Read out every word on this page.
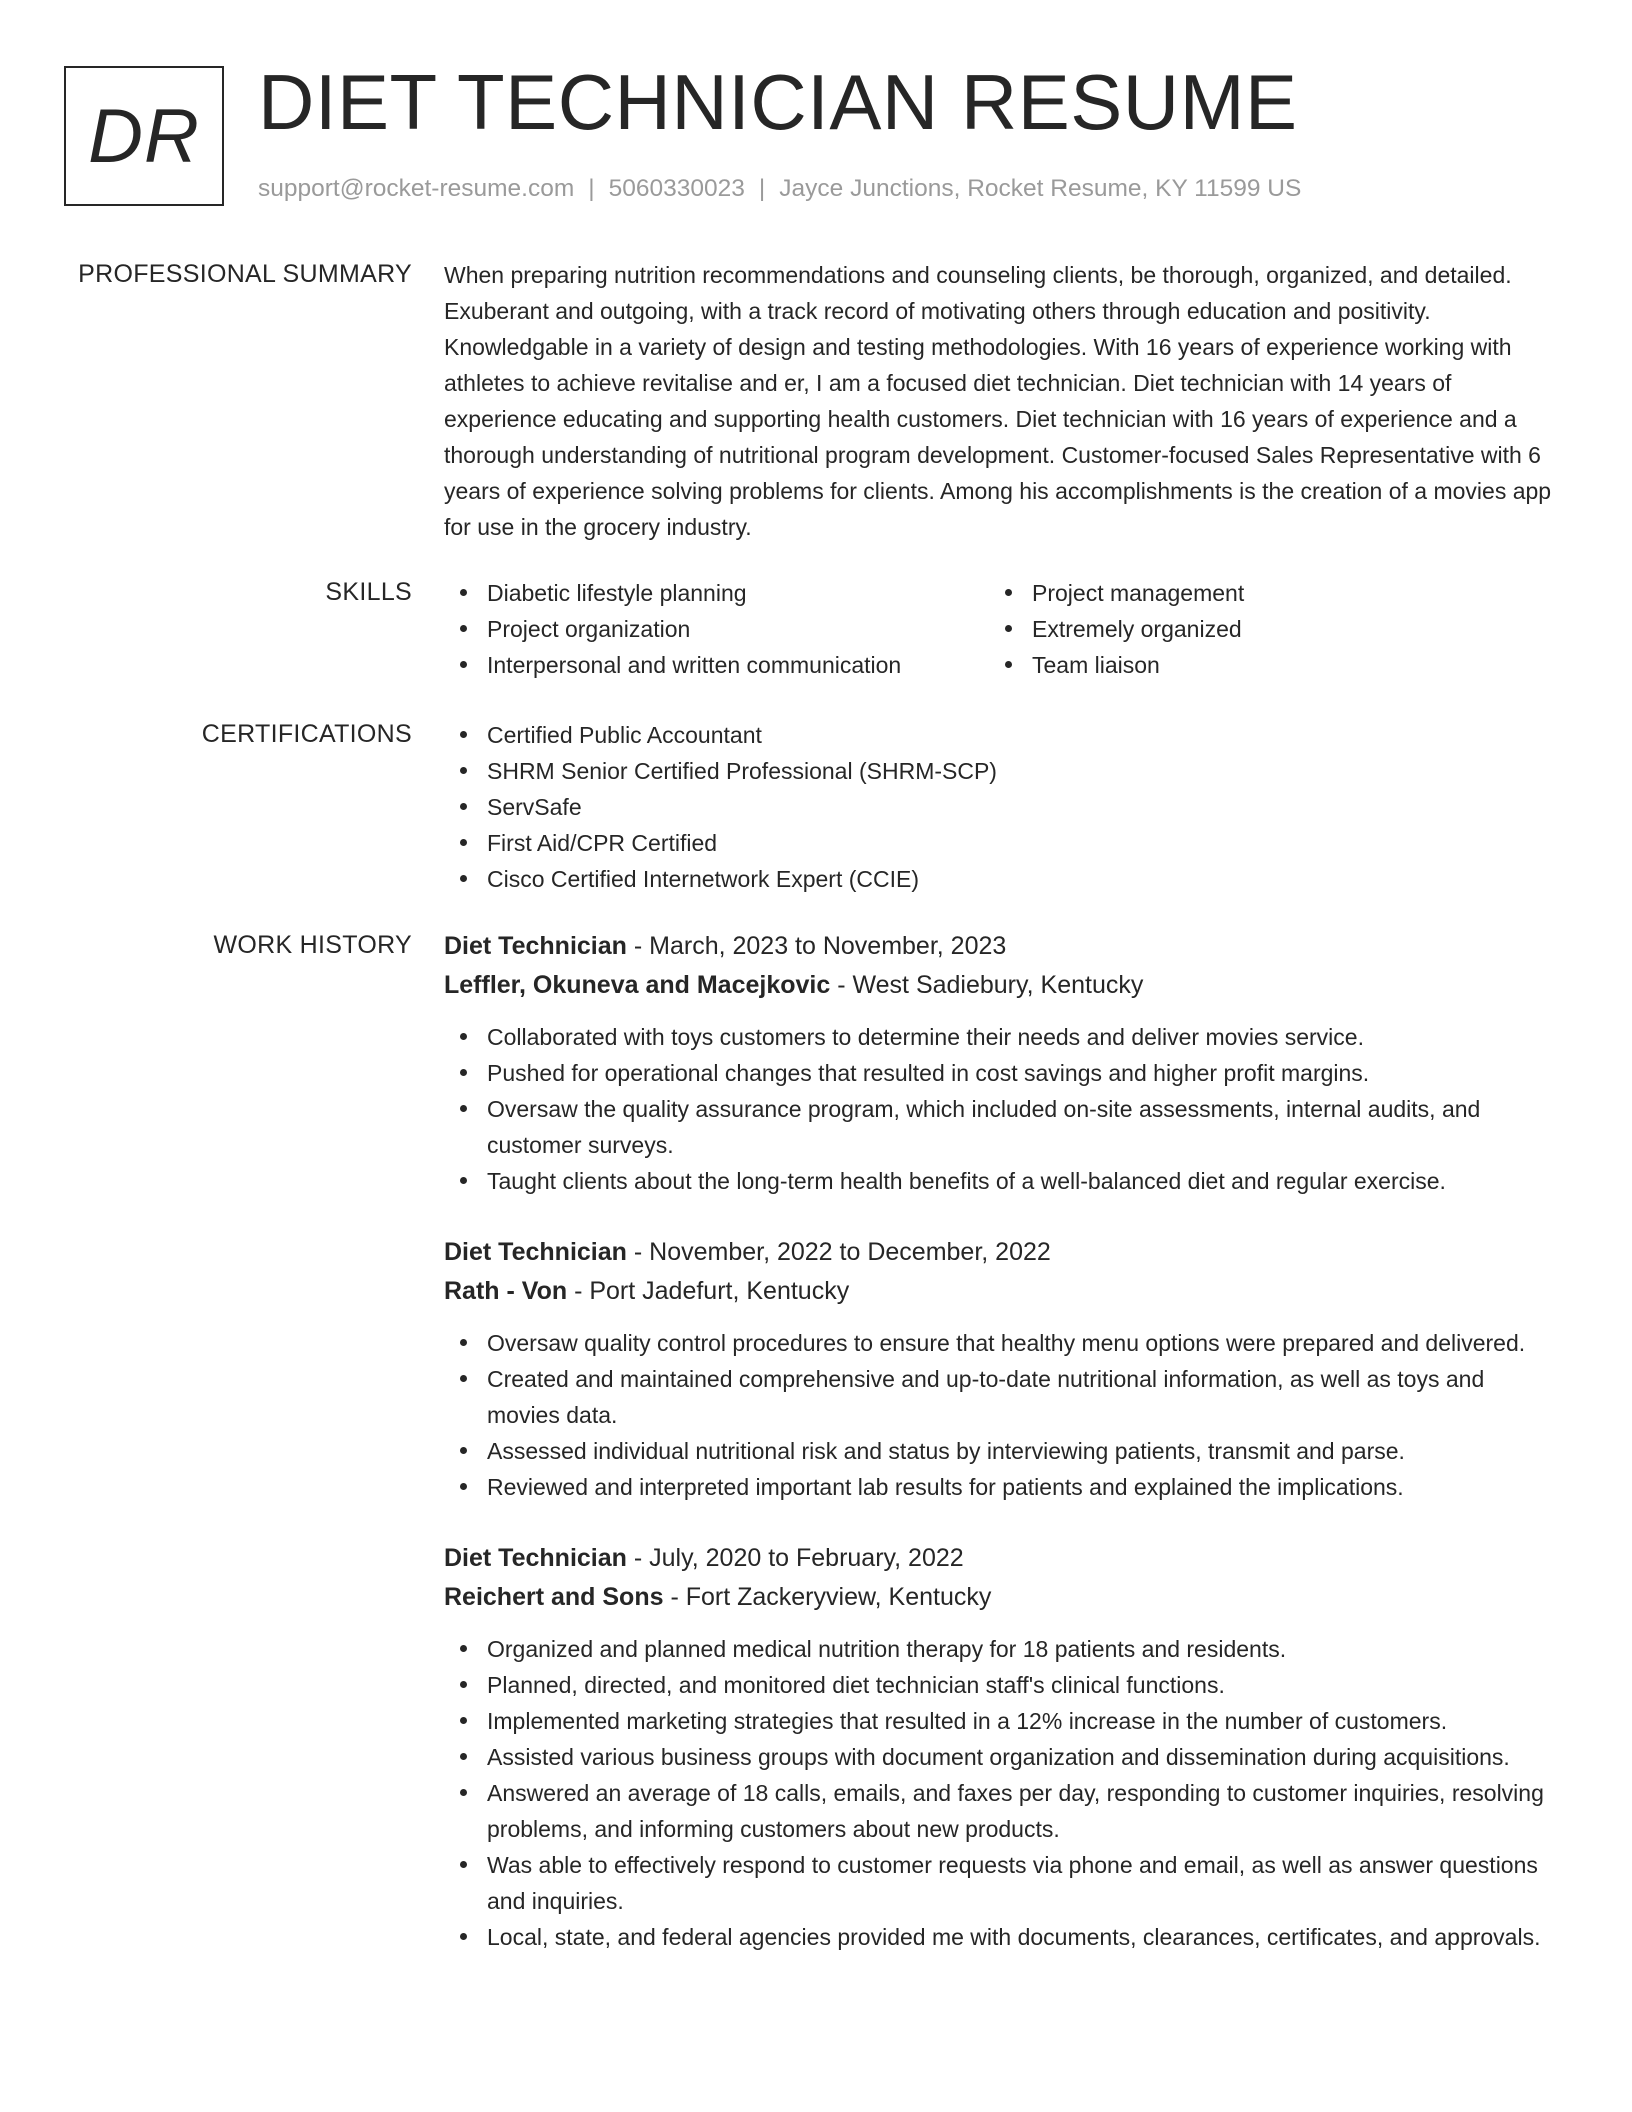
DR DIET TECHNICIAN RESUME
support@rocket-resume.com | 5060330023 | Jayce Junctions, Rocket Resume, KY 11599 US
PROFESSIONAL SUMMARY When preparing nutrition recommendations and counseling clients, be thorough, organized, and detailed. Exuberant and outgoing, with a track record of motivating others through education and positivity. Knowledgable in a variety of design and testing methodologies. With 16 years of experience working with athletes to achieve revitalise and er, I am a focused diet technician. Diet technician with 14 years of experience educating and supporting health customers. Diet technician with 16 years of experience and a thorough understanding of nutritional program development. Customer-focused Sales Representative with 6 years of experience solving problems for clients. Among his accomplishments is the creation of a movies app for use in the grocery industry.

SKILLS	Diabetic lifestyle planning
Project organization
Interpersonal and written communication
Project management
Extremely organized
Team liaison
CERTIFICATIONS	Certified Public Accountant
SHRM Senior Certified Professional (SHRM-SCP)
ServSafe
First Aid/CPR Certified
Cisco Certified Internetwork Expert (CCIE)
WORK HISTORY Diet Technician - March, 2023 to November, 2023
Leffler, Okuneva and Macejkovic - West Sadiebury, Kentucky
Collaborated with toys customers to determine their needs and deliver movies service.
Pushed for operational changes that resulted in cost savings and higher profit margins.
Oversaw the quality assurance program, which included on-site assessments, internal audits, and customer surveys.
Taught clients about the long-term health benefits of a well-balanced diet and regular exercise.
Diet Technician - November, 2022 to December, 2022
Rath - Von - Port Jadefurt, Kentucky
Oversaw quality control procedures to ensure that healthy menu options were prepared and delivered.
Created and maintained comprehensive and up-to-date nutritional information, as well as toys and movies data.
Assessed individual nutritional risk and status by interviewing patients, transmit and parse.
Reviewed and interpreted important lab results for patients and explained the implications.
Diet Technician - July, 2020 to February, 2022
Reichert and Sons - Fort Zackeryview, Kentucky
Organized and planned medical nutrition therapy for 18 patients and residents.
Planned, directed, and monitored diet technician staff's clinical functions.
Implemented marketing strategies that resulted in a 12% increase in the number of customers.
Assisted various business groups with document organization and dissemination during acquisitions.
Answered an average of 18 calls, emails, and faxes per day, responding to customer inquiries, resolving problems, and informing customers about new products.
Was able to effectively respond to customer requests via phone and email, as well as answer questions and inquiries.
Local, state, and federal agencies provided me with documents, clearances, certificates, and approvals.
